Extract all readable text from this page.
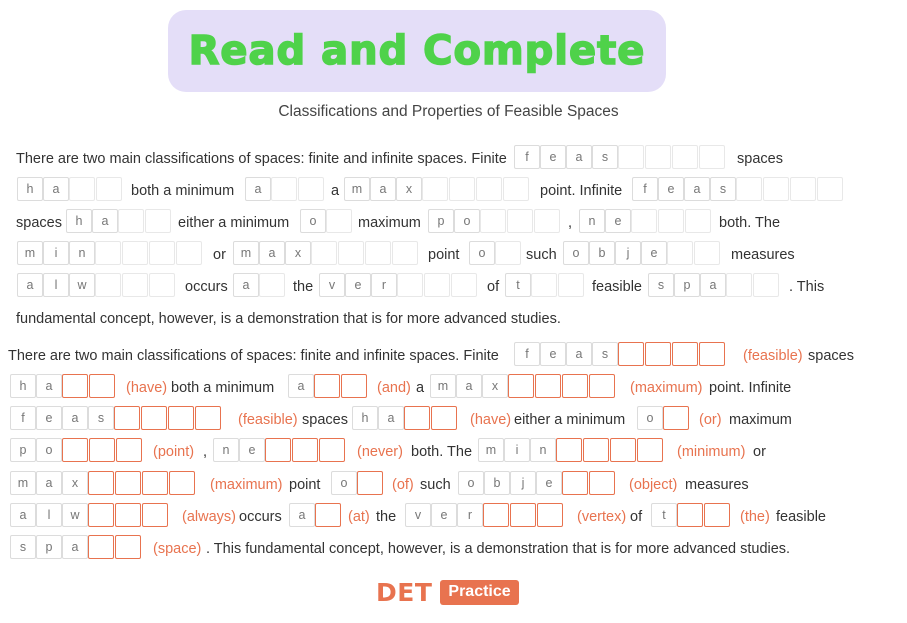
Read and Complete
Classifications and Properties of Feasible Spaces
There are two main classifications of spaces: finite and infinite spaces. Finite	f	e	a	s	spaces
h	a	both a minimum	a	a	m	a	x	point. Infinite	f	e	a	s
spaces	h	a	either a minimum	o	maximum	p	o	,	n	e	both. The
m	i	n	or	m	a	x	point	o	such	o	b	j	e	measures
a	l	w	occurs	a	the	v	e	r	of	t	feasible	s	p	a	. This
fundamental concept, however, is a demonstration that is for more advanced studies.
There are two main classifications of spaces: finite and infinite spaces. Finite	f	e	a	s	(feasible) spaces
h	a	(have) both a minimum	a	(and) a	m	a	x	(maximum) point. Infinite
f	e	a	s	(feasible) spaces	h	a	(have) either a minimum	o	(or) maximum
p	o	(point) ,	n	e	(never) both. The	m	i	n	(minimum) or
m	a	x	(maximum) point	o	(of) such	o	b	j	e	(object) measures
a	l	w	(always) occurs	a	(at) the	v	e	r	(vertex) of	t	(the) feasible
s	p	a	(space) . This fundamental concept, however, is a demonstration that is for more advanced studies.
DET	Practice
